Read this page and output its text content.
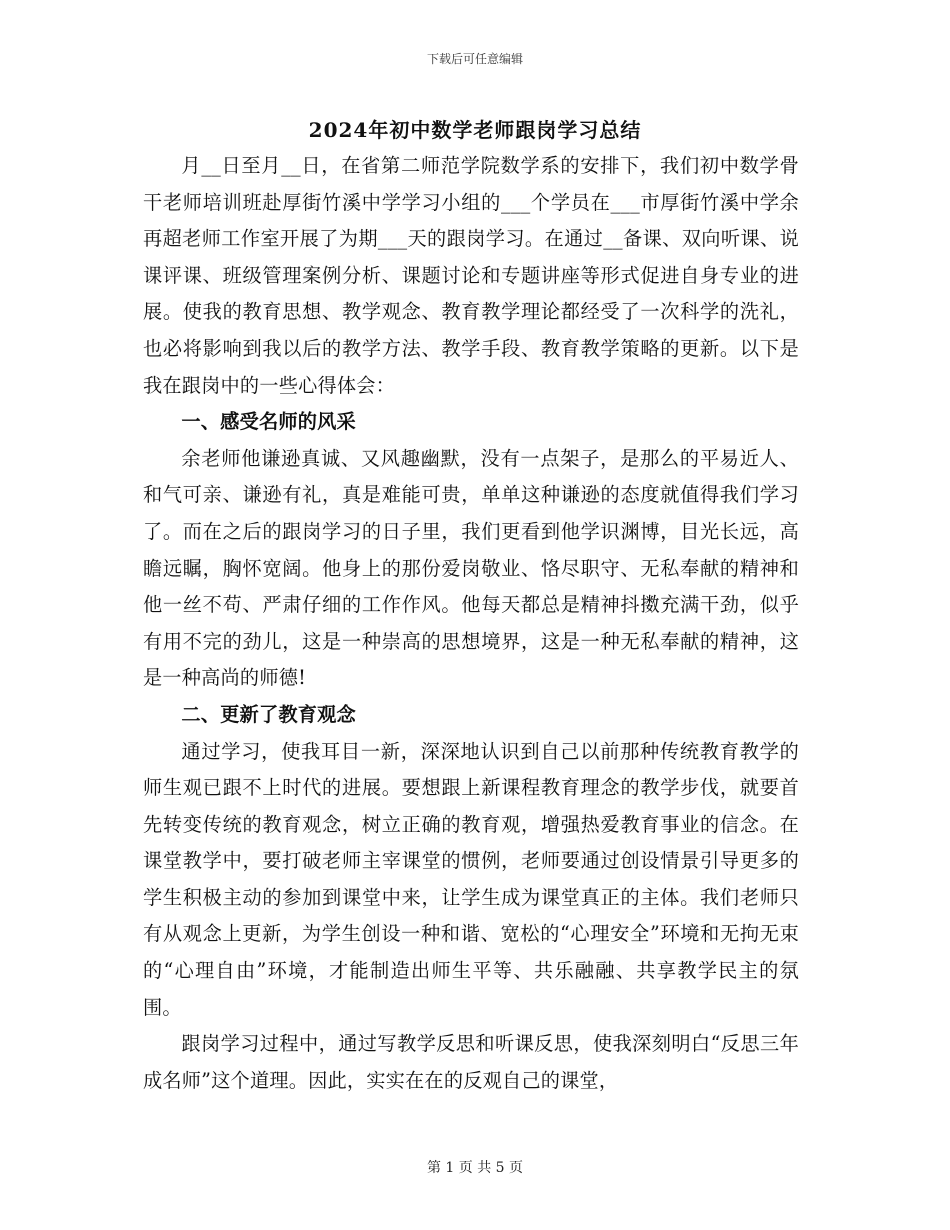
下载后可任意编辑
2024年初中数学老师跟岗学习总结

月__日至月__日，在省第二师范学院数学系的安排下，我们初中数学骨干老师培训班赴厚街竹溪中学学习小组的___个学员在___市厚街竹溪中学余再超老师工作室开展了为期___天的跟岗学习。在通过__备课、双向听课、说课评课、班级管理案例分析、课题讨论和专题讲座等形式促进自身专业的进展。使我的教育思想、教学观念、教育教学理论都经受了一次科学的洗礼，也必将影响到我以后的教学方法、教学手段、教育教学策略的更新。以下是我在跟岗中的一些心得体会：

一、感受名师的风采

余老师他谦逊真诚、又风趣幽默，没有一点架子，是那么的平易近人、和气可亲、谦逊有礼，真是难能可贵，单单这种谦逊的态度就值得我们学习了。而在之后的跟岗学习的日子里，我们更看到他学识渊博，目光长远，高瞻远瞩，胸怀宽阔。他身上的那份爱岗敬业、恪尽职守、无私奉献的精神和他一丝不苟、严肃仔细的工作作风。他每天都总是精神抖擞充满干劲，似乎有用不完的劲儿，这是一种崇高的思想境界，这是一种无私奉献的精神，这是一种高尚的师德!

二、更新了教育观念

通过学习，使我耳目一新，深深地认识到自己以前那种传统教育教学的师生观已跟不上时代的进展。要想跟上新课程教育理念的教学步伐，就要首先转变传统的教育观念，树立正确的教育观，增强热爱教育事业的信念。在课堂教学中，要打破老师主宰课堂的惯例，老师要通过创设情景引导更多的学生积极主动的参加到课堂中来，让学生成为课堂真正的主体。我们老师只有从观念上更新，为学生创设一种和谐、宽松的“心理安全”环境和无拘无束的“心理自由”环境，才能制造出师生平等、共乐融融、共享教学民主的氛围。

跟岗学习过程中，通过写教学反思和听课反思，使我深刻明白“反思三年成名师”这个道理。因此，实实在在的反观自己的课堂，

第 1 页 共 5 页
